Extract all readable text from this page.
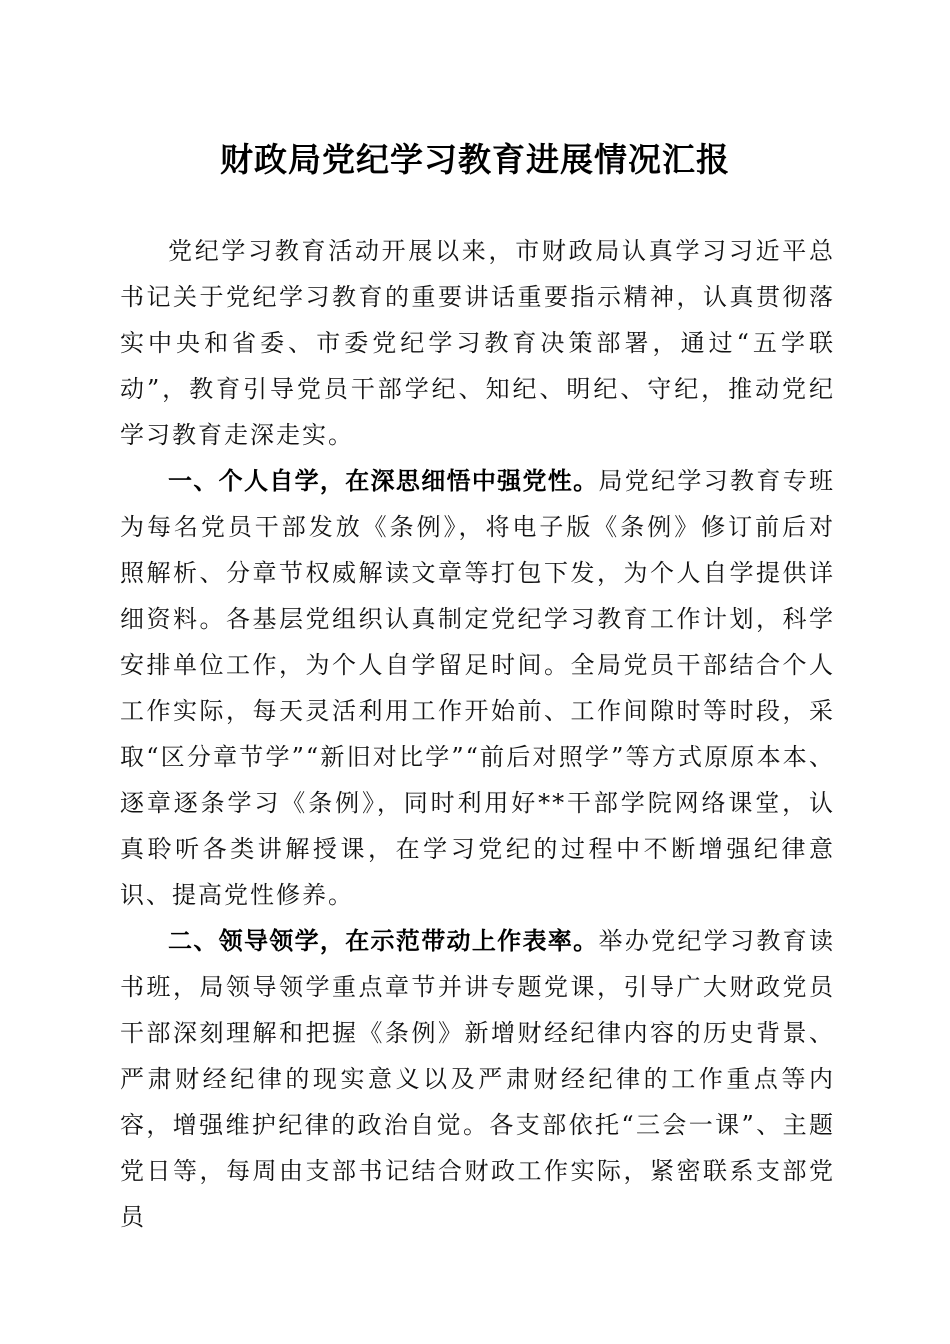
财政局党纪学习教育进展情况汇报

党纪学习教育活动开展以来，市财政局认真学习习近平总书记关于党纪学习教育的重要讲话重要指示精神，认真贯彻落实中央和省委、市委党纪学习教育决策部署，通过“五学联动”，教育引导党员干部学纪、知纪、明纪、守纪，推动党纪学习教育走深走实。

一、个人自学，在深思细悟中强党性。局党纪学习教育专班为每名党员干部发放《条例》，将电子版《条例》修订前后对照解析、分章节权威解读文章等打包下发，为个人自学提供详细资料。各基层党组织认真制定党纪学习教育工作计划，科学安排单位工作，为个人自学留足时间。全局党员干部结合个人工作实际，每天灵活利用工作开始前、工作间隙时等时段，采取“区分章节学”“新旧对比学”“前后对照学”等方式原原本本、逐章逐条学习《条例》，同时利用好**干部学院网络课堂，认真聆听各类讲解授课，在学习党纪的过程中不断增强纪律意识、提高党性修养。

二、领导领学，在示范带动上作表率。举办党纪学习教育读书班，局领导领学重点章节并讲专题党课，引导广大财政党员干部深刻理解和把握《条例》新增财经纪律内容的历史背景、严肃财经纪律的现实意义以及严肃财经纪律的工作重点等内容，增强维护纪律的政治自觉。各支部依托“三会一课”、主题党日等，每周由支部书记结合财政工作实际，紧密联系支部党员
